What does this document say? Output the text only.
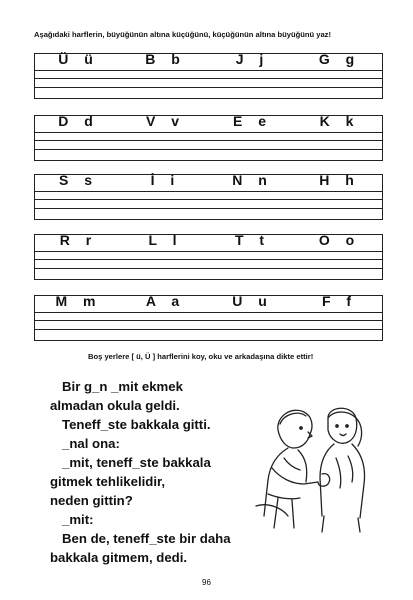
Aşağıdaki harflerin, büyüğünün altına küçüğünü, küçüğünün altına büyüğünü yaz!
Ü ü	B b	J j	G g
D d	V v	E e	K k
S s	İ i	N n	H h
R r	L l	T t	O o
M m	A a	U u	F f
Boş yerlere [ ü, Ü ] harflerini koy, oku ve arkadaşına dikte ettir!
Bir g_n _mit ekmek
almadan okula geldi.
Teneff_ste bakkala gitti.
_nal ona:
_mit, teneff_ste bakkala
gitmek tehlikelidir,
neden gittin?
_mit:
Ben de, teneff_ste bir daha
bakkala gitmem, dedi.
96
